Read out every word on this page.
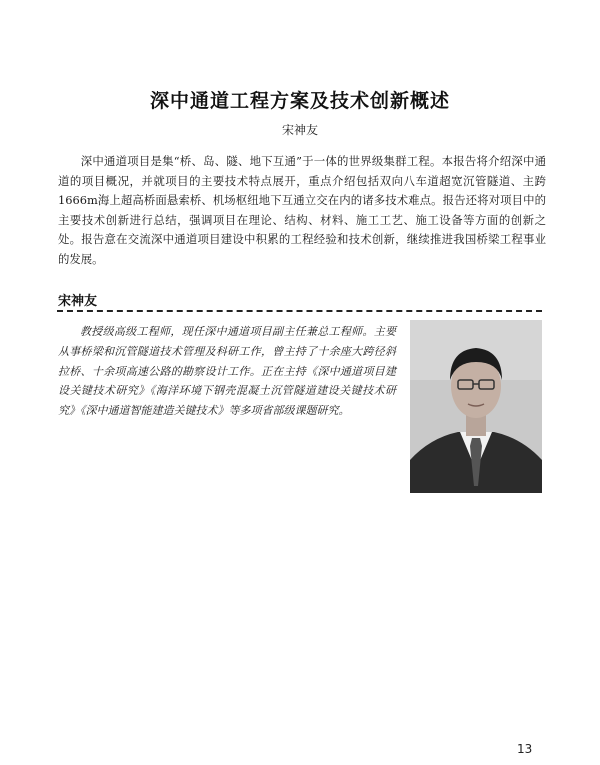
深中通道工程方案及技术创新概述
宋神友

深中通道项目是集“桥、岛、隧、地下互通”于一体的世界级集群工程。本报告将介绍深中通道的项目概况，并就项目的主要技术特点展开，重点介绍包括双向八车道超宽沉管隧道、主跨1666m海上超高桥面悬索桥、机场枢纽地下互通立交在内的诸多技术难点。报告还将对项目中的主要技术创新进行总结，强调项目在理论、结构、材料、施工工艺、施工设备等方面的创新之处。报告意在交流深中通道项目建设中积累的工程经验和技术创新，继续推进我国桥梁工程事业的发展。

宋神友

教授级高级工程师，现任深中通道项目副主任兼总工程师。主要从事桥梁和沉管隧道技术管理及科研工作，曾主持了十余座大跨径斜拉桥、十余项高速公路的勘察设计工作。正在主持《深中通道项目建设关键技术研究》《海洋环境下钢壳混凝土沉管隧道建设关键技术研究》《深中通道智能建造关键技术》等多项省部级课题研究。

13
